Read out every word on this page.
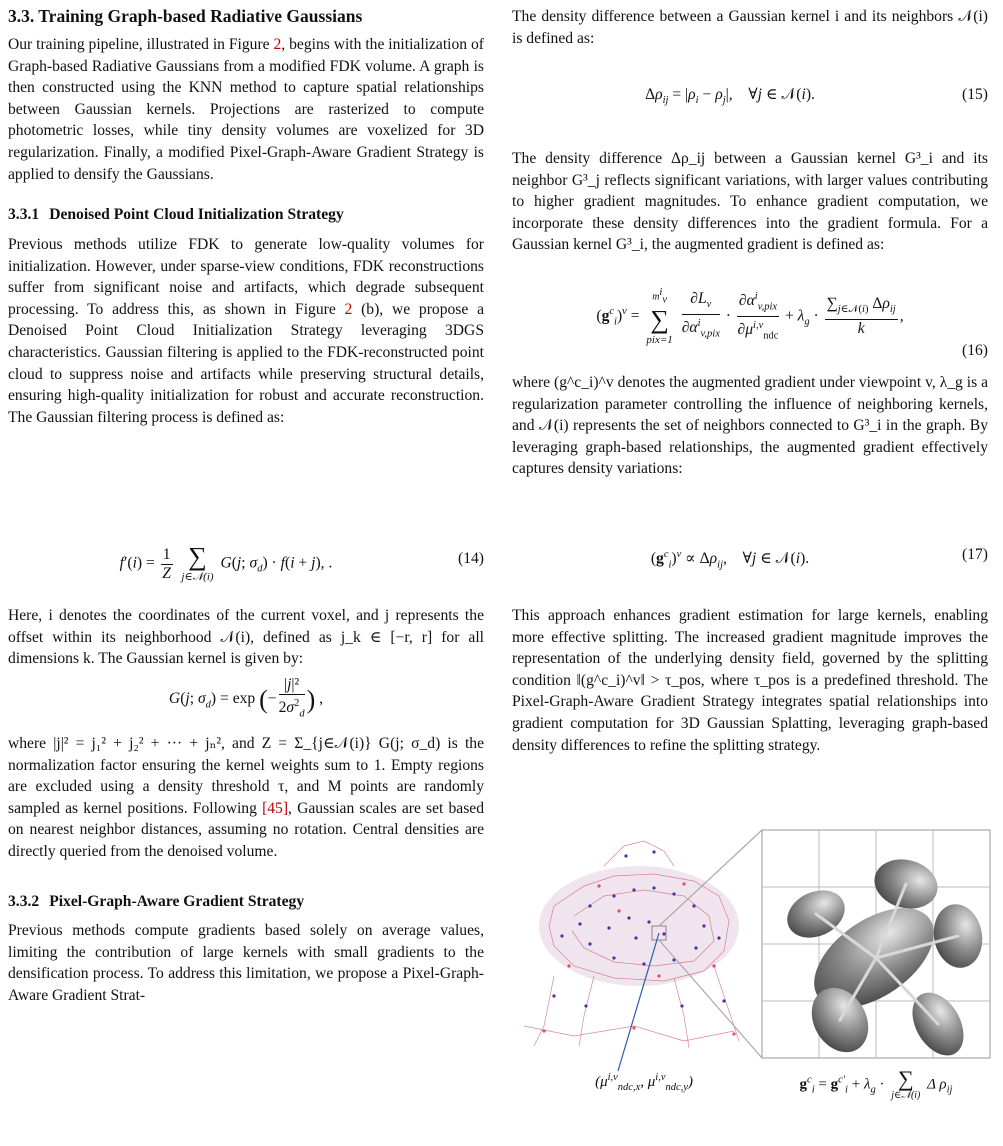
3.3. Training Graph-based Radiative Gaussians

Our training pipeline, illustrated in Figure 2, begins with the initialization of Graph-based Radiative Gaussians from a modified FDK volume. A graph is then constructed using the KNN method to capture spatial relationships between Gaussian kernels. Projections are rasterized to compute photometric losses, while tiny density volumes are voxelized for 3D regularization. Finally, a modified Pixel-Graph-Aware Gradient Strategy is applied to densify the Gaussians.

3.3.1 Denoised Point Cloud Initialization Strategy

Previous methods utilize FDK to generate low-quality volumes for initialization. However, under sparse-view conditions, FDK reconstructions suffer from significant noise and artifacts, which degrade subsequent processing. To address this, as shown in Figure 2 (b), we propose a Denoised Point Cloud Initialization Strategy leveraging 3DGS characteristics. Gaussian filtering is applied to the FDK-reconstructed point cloud to suppress noise and artifacts while preserving structural details, ensuring high-quality initialization for robust and accurate reconstruction. The Gaussian filtering process is defined as:

$f'(i) = \frac{1}{Z}$
∑
j∈𝒩(i)
G(j; $\sigma_d) \cdot f(i + j)$, .	(14)

Here, i denotes the coordinates of the current voxel, and j represents the offset within its neighborhood 𝒩(i), defined as j_k ∈ [−r, r] for all dimensions k. The Gaussian kernel is given by:

G(j; $\sigma_d) = \exp$ (− $\frac{\text{|j|²}}{2\sigma^2_d}$ ) ,

where |j|² = j₁² + j₂² + ··· + jₙ², and Z = Σ_{j∈𝒩(i)} G(j; σ_d) is the normalization factor ensuring the kernel weights sum to 1. Empty regions are excluded using a density threshold τ, and M points are randomly sampled as kernel positions. Following [45], Gaussian scales are set based on nearest neighbor distances, assuming no rotation. Central densities are directly queried from the denoised volume.

3.3.2 Pixel-Graph-Aware Gradient Strategy

Previous methods compute gradients based solely on average values, limiting the contribution of large kernels with small gradients to the densification process. To address this limitation, we propose a Pixel-Graph-Aware Gradient Strat-

The density difference between a Gaussian kernel i and its neighbors 𝒩(i) is defined as:

$\Delta\rho_{ij} = |\rho_i - \rho_j|$,    ∀j ∈ 𝒩(i).	(15)

The density difference Δρ_ij between a Gaussian kernel G³_i and its neighbor G³_j reflects significant variations, with larger values contributing to higher gradient magnitudes. To enhance gradient computation, we incorporate these density differences into the gradient formula. For a Gaussian kernel G³_i, the augmented gradient is defined as:

$(g^c_i)^v$ =
$m^i_v$
∑
pix=1
$\frac{\partial L_v}{\partial\alpha^i_{v,pix}} \cdot \frac{\partial\alpha^i_{v,pix}}{\partial\mu^{i,v}_{ndc}} + \lambda_g \cdot \frac{\sum_{j\in 𝒩(i)} \Delta\rho_{ij}}{k}$ ,
(16)

where (g^c_i)^v denotes the augmented gradient under viewpoint v, λ_g is a regularization parameter controlling the influence of neighboring kernels, and 𝒩(i) represents the set of neighbors connected to G³_i in the graph. By leveraging graph-based relationships, the augmented gradient effectively captures density variations:

$(g^c_i)^v \propto \Delta\rho_{ij}$,    ∀j ∈ 𝒩(i).	(17)

This approach enhances gradient estimation for large kernels, enabling more effective splitting. The increased gradient magnitude improves the representation of the underlying density field, governed by the splitting condition ‖(g^c_i)^v‖ > τ_pos, where τ_pos is a predefined threshold. The Pixel-Graph-Aware Gradient Strategy integrates spatial relationships into gradient computation for 3D Gaussian Splatting, leveraging graph-based density differences to refine the splitting strategy.

($\mu^{i,v}_{ndc,x}$, $\mu^{i,v}_{ndc,y}$)	$g^c_i = g^{c'}_i + \lambda_g$ · ∑
j∈𝒩(i)
Δ $\rho_{ij}$
